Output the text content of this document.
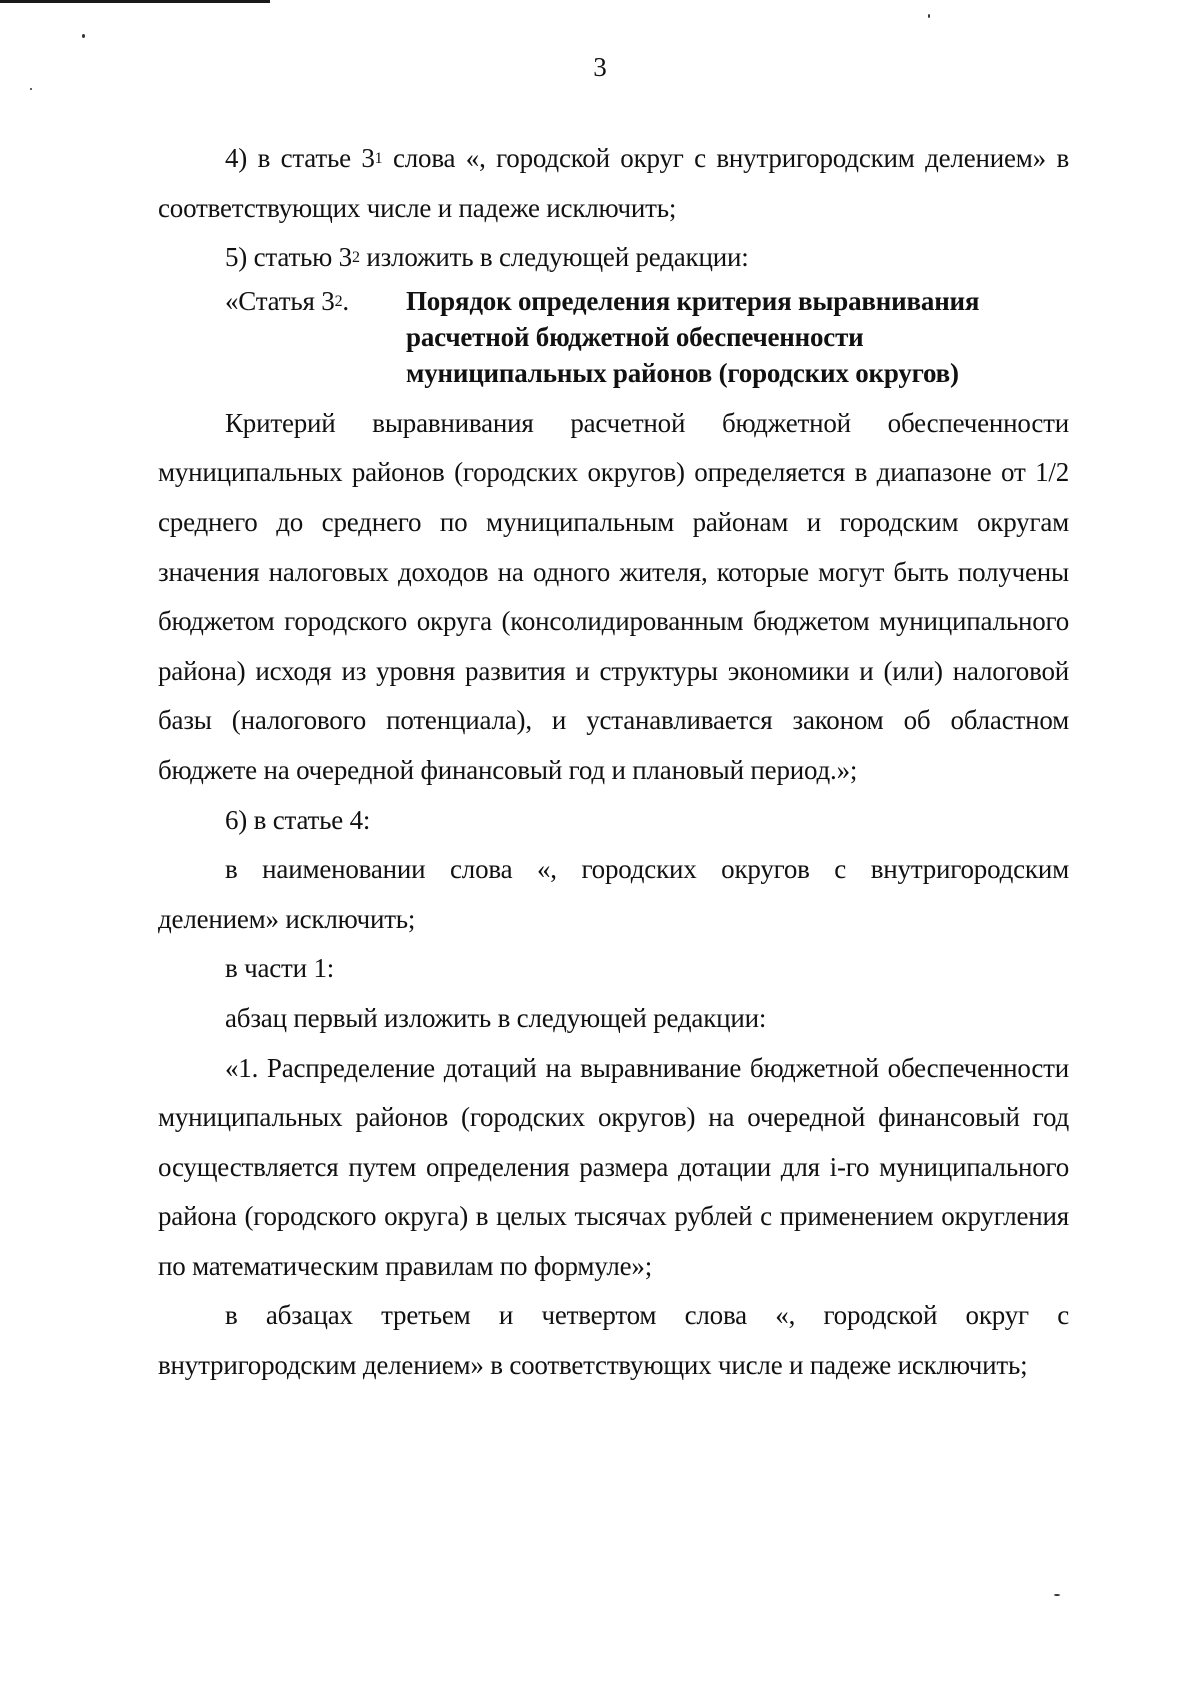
3

4) в статье $3^1$ слова «, городской округ с внутригородским делением» в соответствующих числе и падеже исключить;

5) статью $3^2$ изложить в следующей редакции:

«Статья $3^2$. Порядок определения критерия выравнивания
расчетной бюджетной обеспеченности
муниципальных районов (городских округов)

Критерий выравнивания расчетной бюджетной обеспеченности муниципальных районов (городских округов) определяется в диапазоне от 1/2 среднего до среднего по муниципальным районам и городским округам значения налоговых доходов на одного жителя, которые могут быть получены бюджетом городского округа (консолидированным бюджетом муниципального района) исходя из уровня развития и структуры экономики и (или) налоговой базы (налогового потенциала), и устанавливается законом об областном бюджете на очередной финансовый год и плановый период.»;

6) в статье 4:

в наименовании слова «, городских округов с внутригородским делением» исключить;

в части 1:

абзац первый изложить в следующей редакции:

«1. Распределение дотаций на выравнивание бюджетной обеспеченности муниципальных районов (городских округов) на очередной финансовый год осуществляется путем определения размера дотации для i-го муниципального района (городского округа) в целых тысячах рублей с применением округления по математическим правилам по формуле»;

в абзацах третьем и четвертом слова «, городской округ с внутригородским делением» в соответствующих числе и падеже исключить;
